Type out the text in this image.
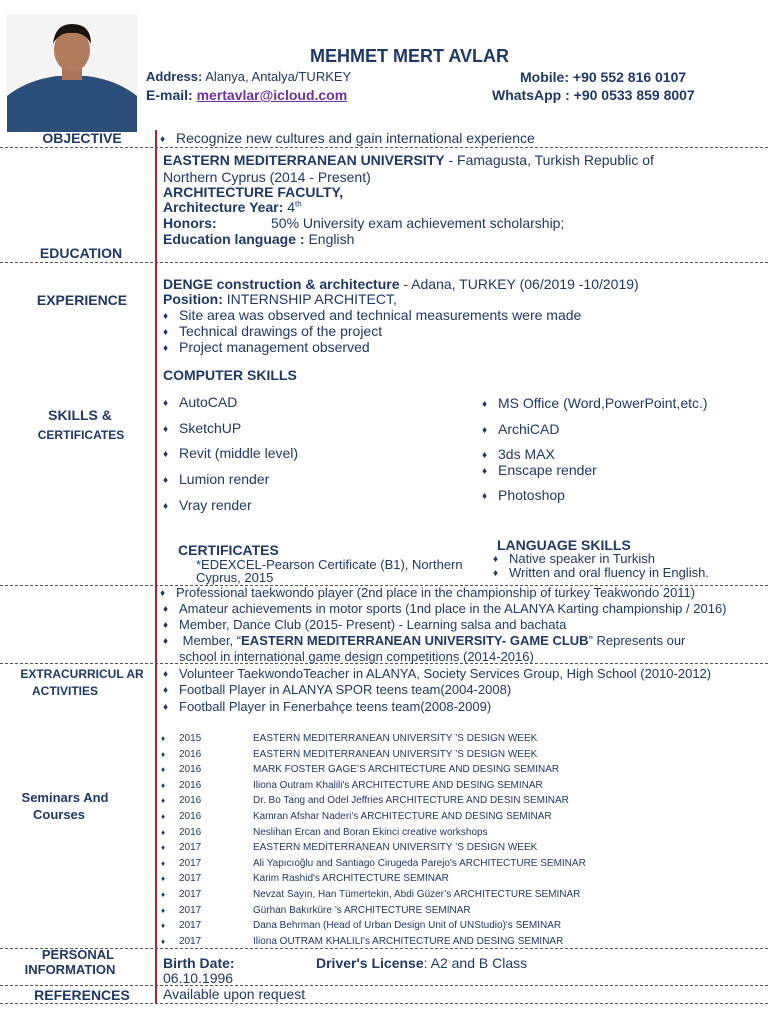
MEHMET MERT AVLAR
Address: Alanya, Antalya/TURKEY
E-mail: mertavlar@icloud.com
Mobile: +90 552 816 0107
WhatsApp : +90 0533 859 8007
OBJECTIVE
♦	Recognize new cultures and gain international experience
EDUCATION
EASTERN MEDITERRANEAN UNIVERSITY - Famagusta, Turkish Republic of
Northern Cyprus (2014 - Present)
ARCHITECTURE FACULTY,
Architecture Year: 4th
Honors:	50% University exam achievement scholarship;
Education language : English
EXPERIENCE
DENGE construction & architecture - Adana, TURKEY (06/2019 -10/2019)
Position: INTERNSHIP ARCHITECT,
♦ Site area was observed and technical measurements were made
♦ Technical drawings of the project
♦ Project management observed
SKILLS &
CERTIFICATES
COMPUTER SKILLS
♦ AutoCAD
♦ SketchUP
♦ Revit (middle level)
♦ Lumion render
♦ Vray render
♦ MS Office (Word,PowerPoint,etc.)
♦ ArchiCAD
♦ 3ds MAX
♦ Enscape render
♦ Photoshop
CERTIFICATES
*EDEXCEL-Pearson Certificate (B1), Northern
Cyprus, 2015
LANGUAGE SKILLS
♦ Native speaker in Turkish
♦ Written and oral fluency in English.
EXTRACURRICUL AR
ACTIVITIES
♦ Professional taekwondo player (2nd place in the championship of turkey Teakwondo 2011)
♦ Amateur achievements in motor sports (1nd place in the ALANYA Karting championship / 2016)
♦ Member, Dance Club (2015- Present) - Learning salsa and bachata
♦ Member, “EASTERN MEDITERRANEAN UNIVERSITY- GAME CLUB” Represents our
school in international game design competitions (2014-2016)
♦ Volunteer TaekwondoTeacher in ALANYA, Society Services Group, High School (2010-2012)
♦ Football Player in ALANYA SPOR teens team(2004-2008)
♦ Football Player in Fenerbahçe teens team(2008-2009)
Seminars And
Courses
♦ 2015	EASTERN MEDITERRANEAN UNIVERSITY ’S DESIGN WEEK
♦ 2016	EASTERN MEDITERRANEAN UNIVERSITY ’S DESIGN WEEK
♦ 2016	MARK FOSTER GAGE’S ARCHITECTURE AND DESING SEMINAR
♦ 2016	Iliona Outram Khalili's ARCHITECTURE AND DESING SEMINAR
♦ 2016	Dr. Bo Tang and Odel Jeffries ARCHITECTURE AND DESIN SEMINAR
♦ 2016	Kamran Afshar Naderi's ARCHITECTURE AND DESING SEMINAR
♦ 2016	Neslihan Ercan and Boran Ekinci creative workshops
♦ 2017	EASTERN MEDITERRANEAN UNIVERSITY ’S DESIGN WEEK
♦ 2017	Ali Yapıcıoğlu and Santiago Cirugeda Parejo's ARCHITECTURE SEMINAR
♦ 2017	Karim Rashid's ARCHITECTURE SEMINAR
♦ 2017	Nevzat Sayın, Han Tümertekin, Abdi Güzer’s ARCHITECTURE SEMINAR
♦ 2017	Gürhan Bakırküre ’s ARCHITECTURE SEMINAR
♦ 2017	Dana Behrman (Head of Urban Design Unit of UNStudio)'s SEMINAR
♦ 2017	Iliona OUTRAM KHALILI's ARCHITECTURE AND DESING SEMINAR
PERSONAL
INFORMATION	Birth Date:
06.10.1996
Driver's License: A2 and B Class
REFERENCES	Available upon request
